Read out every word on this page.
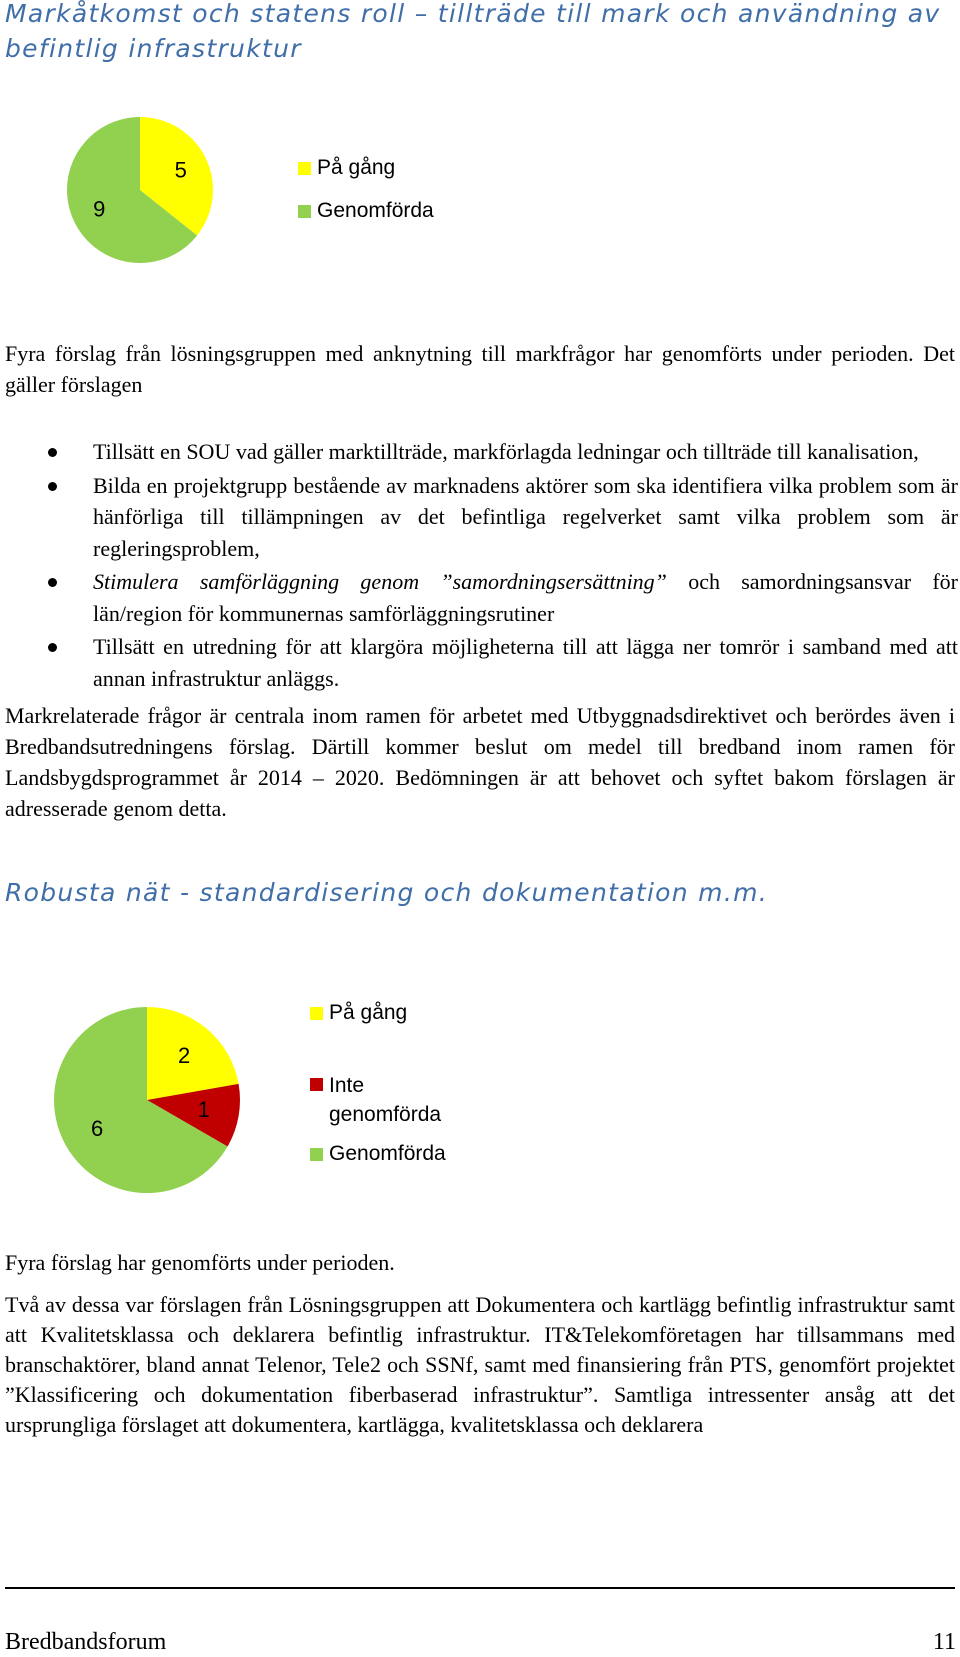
Markåtkomst och statens roll – tillträde till mark och användning av befintlig infrastruktur
5
9
På gång
Genomförda

Fyra förslag från lösningsgruppen med anknytning till markfrågor har genomförts under perioden. Det gäller förslagen

Tillsätt en SOU vad gäller marktillträde, markförlagda ledningar och tillträde till kanalisation,
Bilda en projektgrupp bestående av marknadens aktörer som ska identifiera vilka problem som är hänförliga till tillämpningen av det befintliga regelverket samt vilka problem som är regleringsproblem,
Stimulera samförläggning genom ”samordningsersättning” och samordningsansvar för län/region för kommunernas samförläggningsrutiner
Tillsätt en utredning för att klargöra möjligheterna till att lägga ner tomrör i samband med att annan infrastruktur anläggs.

Markrelaterade frågor är centrala inom ramen för arbetet med Utbyggnadsdirektivet och berördes även i Bredbandsutredningens förslag. Därtill kommer beslut om medel till bredband inom ramen för Landsbygdsprogrammet år 2014 – 2020. Bedömningen är att behovet och syftet bakom förslagen är adresserade genom detta.

Robusta nät - standardisering och dokumentation m.m.
2
1
6
På gång
Inte
genomförda
Genomförda

Fyra förslag har genomförts under perioden.

Två av dessa var förslagen från Lösningsgruppen att Dokumentera och kartlägg befintlig infrastruktur samt att Kvalitetsklassa och deklarera befintlig infrastruktur. IT&Telekomföretagen har tillsammans med branschaktörer, bland annat Telenor, Tele2 och SSNf, samt med finansiering från PTS, genomfört projektet ”Klassificering och dokumentation fiberbaserad infrastruktur”. Samtliga intressenter ansåg att det ursprungliga förslaget att dokumentera, kartlägga, kvalitetsklassa och deklarera

Bredbandsforum	11
